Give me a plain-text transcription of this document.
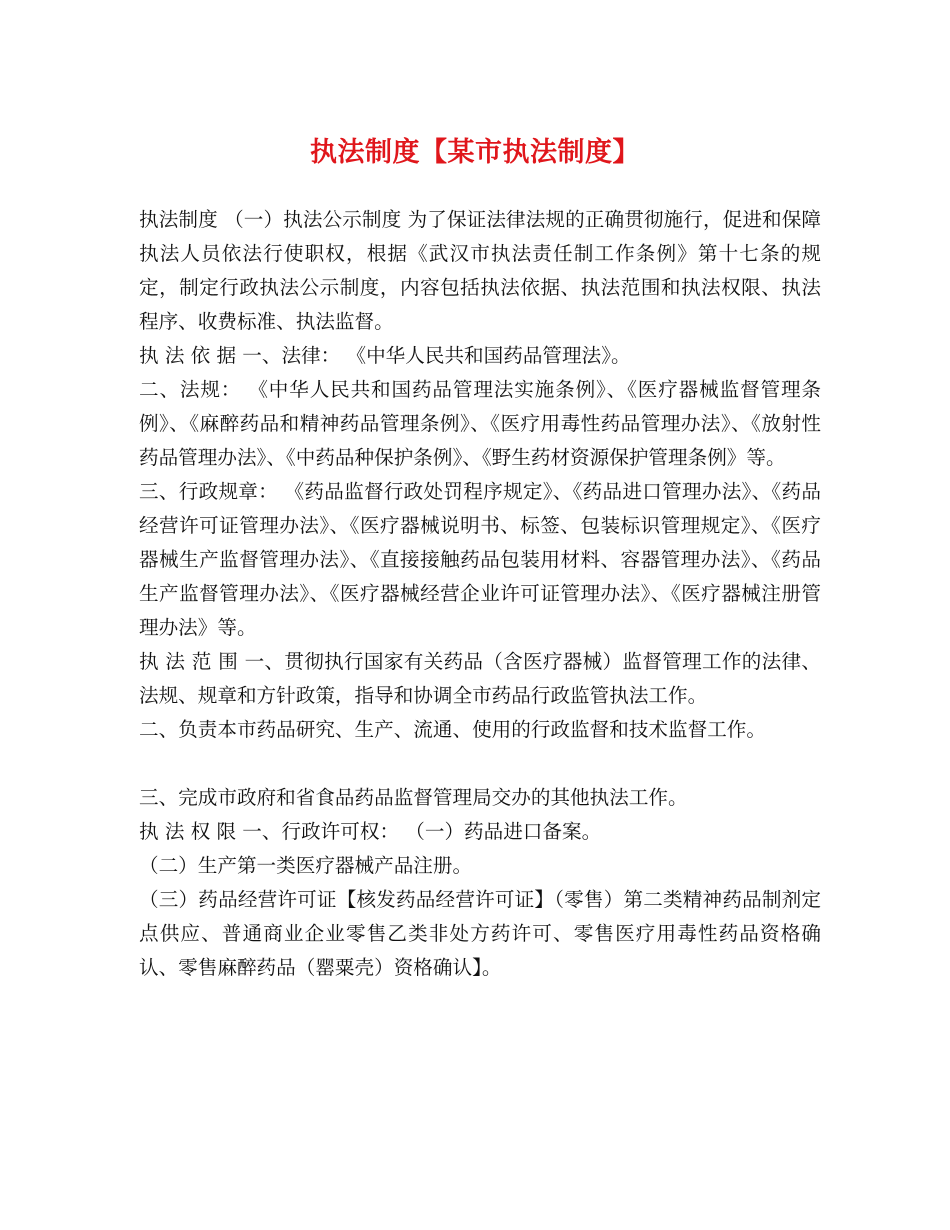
执法制度【某市执法制度】

执法制度 （一）执法公示制度 为了保证法律法规的正确贯彻施行，促进和保障执法人员依法行使职权，根据《武汉市执法责任制工作条例》第十七条的规定，制定行政执法公示制度，内容包括执法依据、执法范围和执法权限、执法程序、收费标准、执法监督。

执 法 依 据 一、法律： 《中华人民共和国药品管理法》。

二、法规： 《中华人民共和国药品管理法实施条例》、《医疗器械监督管理条例》、《麻醉药品和精神药品管理条例》、《医疗用毒性药品管理办法》、《放射性药品管理办法》、《中药品种保护条例》、《野生药材资源保护管理条例》等。

三、行政规章： 《药品监督行政处罚程序规定》、《药品进口管理办法》、《药品经营许可证管理办法》、《医疗器械说明书、标签、包装标识管理规定》、《医疗器械生产监督管理办法》、《直接接触药品包装用材料、容器管理办法》、《药品生产监督管理办法》、《医疗器械经营企业许可证管理办法》、《医疗器械注册管理办法》等。

执 法 范 围 一、贯彻执行国家有关药品（含医疗器械）监督管理工作的法律、法规、规章和方针政策，指导和协调全市药品行政监管执法工作。

二、负责本市药品研究、生产、流通、使用的行政监督和技术监督工作。

三、完成市政府和省食品药品监督管理局交办的其他执法工作。

执 法 权 限 一、行政许可权： （一）药品进口备案。

（二）生产第一类医疗器械产品注册。

（三）药品经营许可证【核发药品经营许可证】（零售）第二类精神药品制剂定点供应、普通商业企业零售乙类非处方药许可、零售医疗用毒性药品资格确认、零售麻醉药品（罂粟壳）资格确认】。
